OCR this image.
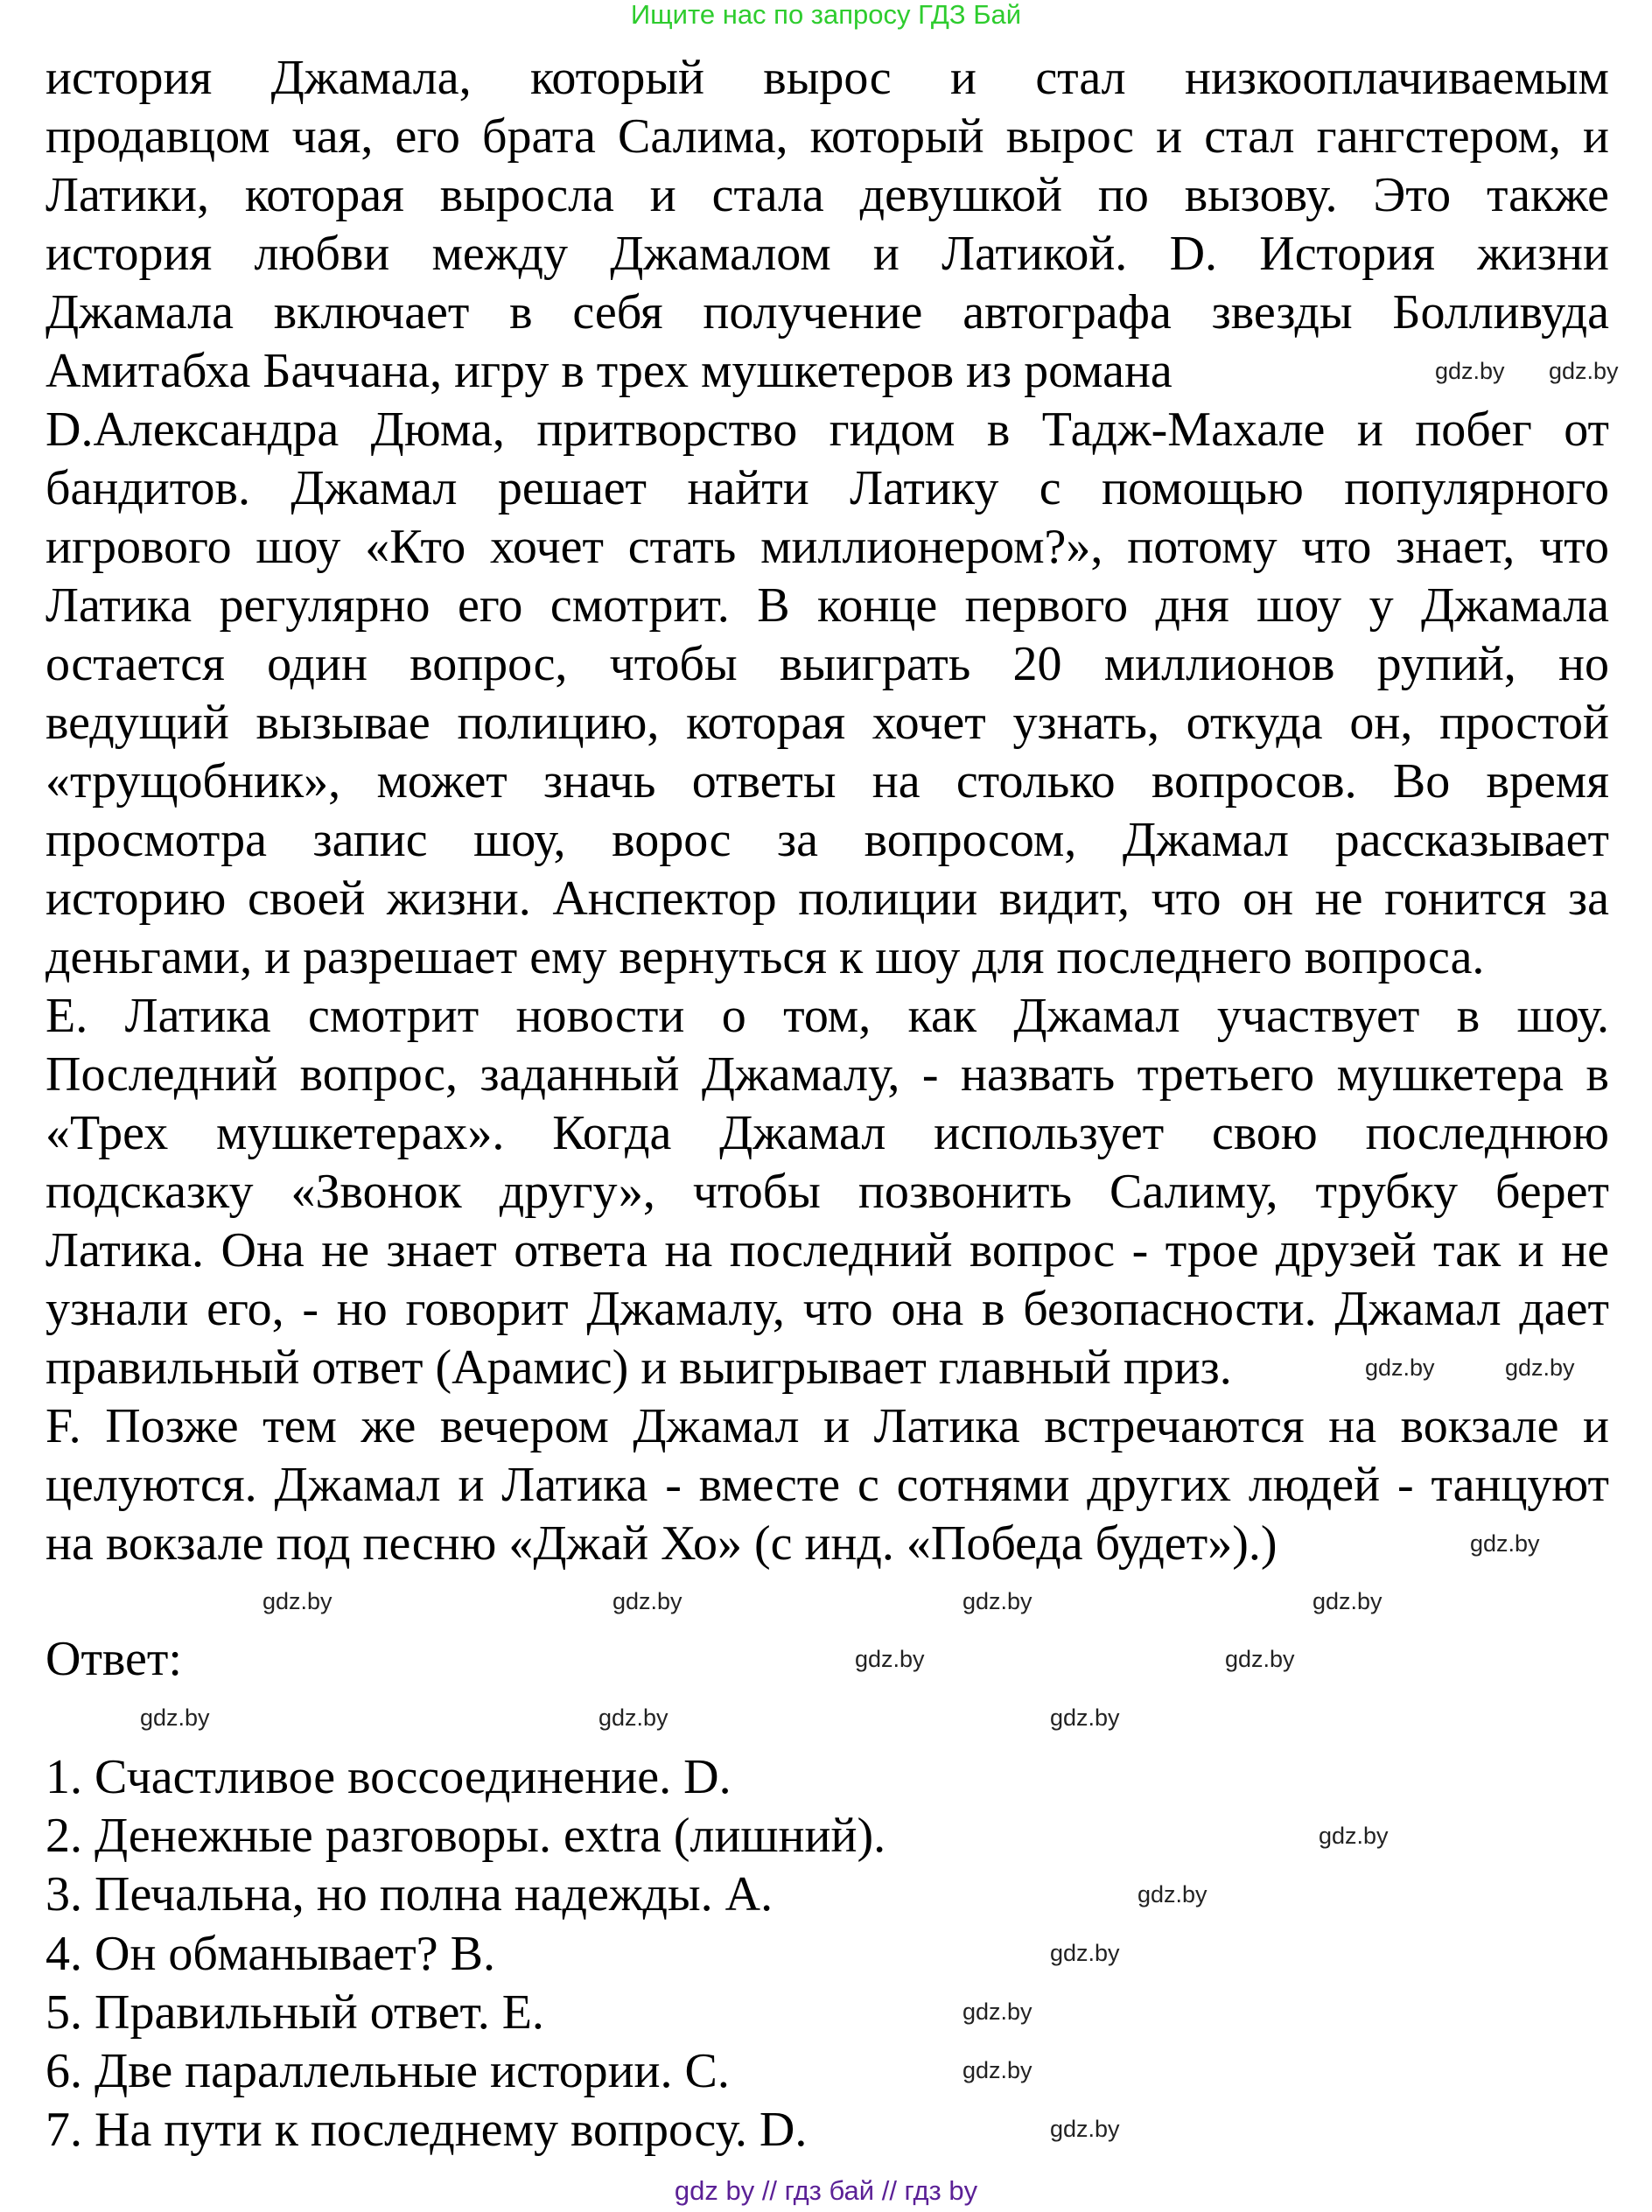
Ищите нас по запросу ГДЗ Бай
история Джамала, который вырос и стал низкооплачиваемым
продавцом чая, его брата Салима, который вырос и стал гангстером, и
Латики, которая выросла и стала девушкой по вызову. Это также
история любви между Джамалом и Латикой. D. История жизни
Джамала включает в себя получение автографа звезды Болливуда
Амитабха Баччана, игру в трех мушкетеров из романа
D.Александра Дюма, притворство гидом в Тадж-Махале и побег от
бандитов. Джамал решает найти Латику с помощью популярного
игрового шоу «Кто хочет стать миллионером?», потому что знает, что
Латика регулярно его смотрит. В конце первого дня шоу у Джамала
остается один вопрос, чтобы выиграть 20 миллионов рупий, но
ведущий вызывае полицию, которая хочет узнать, откуда он, простой
«трущобник», может значь ответы на столько вопросов. Во время
просмотра запис шоу, ворос за вопросом, Джамал рассказывает
историю своей жизни. Анспектор полиции видит, что он не гонится за
деньгами, и разрешает ему вернуться к шоу для последнего вопроса.
E. Латика смотрит новости о том, как Джамал участвует в шоу.
Последний вопрос, заданный Джамалу, - назвать третьего мушкетера в
«Трех мушкетерах». Когда Джамал использует свою последнюю
подсказку «Звонок другу», чтобы позвонить Салиму, трубку берет
Латика. Она не знает ответа на последний вопрос - трое друзей так и не
узнали его, - но говорит Джамалу, что она в безопасности. Джамал дает
правильный ответ (Арамис) и выигрывает главный приз.
F. Позже тем же вечером Джамал и Латика встречаются на вокзале и
целуются. Джамал и Латика - вместе с сотнями других людей - танцуют
на вокзале под песню «Джай Хо» (с инд. «Победа будет»).)
Ответ:
1. Счастливое воссоединение. D.
2. Денежные разговоры. extra (лишний).
3. Печальна, но полна надежды. A.
4. Он обманывает? B.
5. Правильный ответ. E.
6. Две параллельные истории. C.
7. На пути к последнему вопросу. D.
gdz.by gdz.by
gdz.by	gdz.by
gdz.by
gdz.by	gdz.by	gdz.by	gdz.by
gdz.by	gdz.by
gdz.by	gdz.by	gdz.by
gdz.by
gdz.by
gdz.by
gdz.by
gdz.by
gdz.by
gdz by // гдз бай // гдз by
